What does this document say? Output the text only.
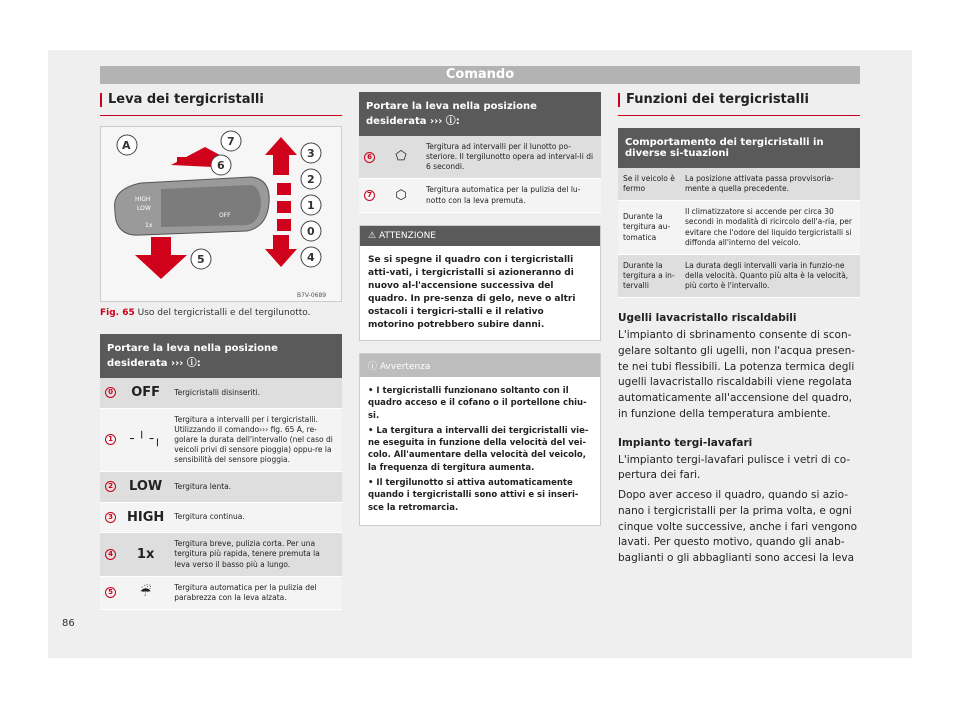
Comando
Leva dei tergicristalli
HIGH
LOW
1x
OFF
A	7
6
3
2
1
0
4
5
B7V-0689
Fig. 65 Uso del tergicristalli e del tergilunotto.
Portare la leva nella posizione desiderata ››› ⓘ:
0	OFF	Tergicristalli disinseriti.
1	╴╵╶╷	Tergitura a intervalli per i tergicristalli. Utilizzando il comando››› fig. 65 A, re-golare la durata dell'intervallo (nel caso di veicoli privi di sensore pioggia) oppu-re la sensibilità del sensore pioggia.
2	LOW	Tergitura lenta.
3	HIGH	Tergitura continua.
4	1x	Tergitura breve, pulizia corta. Per una tergitura più rapida, tenere premuta la leva verso il basso più a lungo.
5	☔	Tergitura automatica per la pulizia del parabrezza con la leva alzata.
Portare la leva nella posizione desiderata ››› ⓘ:
6	⬠	Tergitura ad intervalli per il lunotto po-steriore. Il tergilunotto opera ad interval-li di 6 secondi.
7	⬡	Tergitura automatica per la pulizia del lu-notto con la leva premuta.
⚠ ATTENZIONE
Se si spegne il quadro con i tergicristalli atti-vati, i tergicristalli si azioneranno di nuovo al-l'accensione successiva del quadro. In pre-senza di gelo, neve o altri ostacoli i tergicri-stalli e il relativo motorino potrebbero subire danni.
ⓘ Avvertenza

• I tergicristalli funzionano soltanto con il quadro acceso e il cofano o il portellone chiu-si.

• La tergitura a intervalli dei tergicristalli vie-ne eseguita in funzione della velocità del vei-colo. All'aumentare della velocità del veicolo, la frequenza di tergitura aumenta.

• Il tergilunotto si attiva automaticamente quando i tergicristalli sono attivi e si inseri-sce la retromarcia.

Funzioni dei tergicristalli
Comportamento dei tergicristalli in diverse si-tuazioni
Se il veicolo è fermo	La posizione attivata passa provvisoria-mente a quella precedente.
Durante la tergitura au-tomatica	Il climatizzatore si accende per circa 30 secondi in modalità di ricircolo dell'a-ria, per evitare che l'odore del liquido tergicristalli si diffonda all'interno del veicolo.
Durante la tergitura a in-tervalli	La durata degli intervalli varia in funzio-ne della velocità. Quanto più alta è la velocità, più corto è l'intervallo.
Ugelli lavacristallo riscaldabili
L'impianto di sbrinamento consente di scon-gelare soltanto gli ugelli, non l'acqua presen-te nei tubi flessibili. La potenza termica degli ugelli lavacristallo riscaldabili viene regolata automaticamente all'accensione del quadro, in funzione della temperatura ambiente.
Impianto tergi-lavafari
L'impianto tergi-lavafari pulisce i vetri di co-pertura dei fari.
Dopo aver acceso il quadro, quando si azio-nano i tergicristalli per la prima volta, e ogni cinque volte successive, anche i fari vengono lavati. Per questo motivo, quando gli anab-baglianti o gli abbaglianti sono accesi la leva
86
